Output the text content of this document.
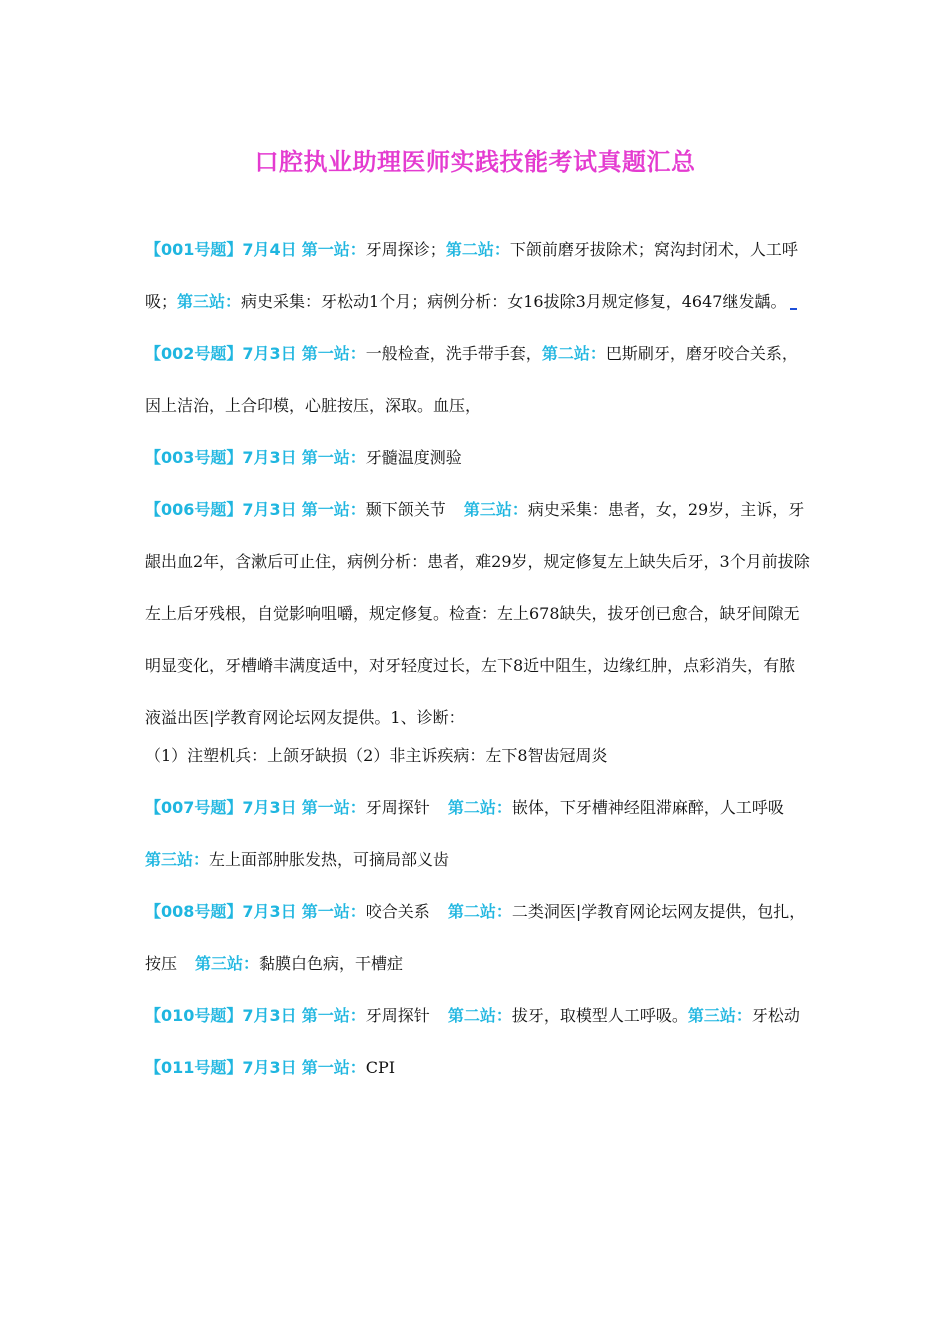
口腔执业助理医师实践技能考试真题汇总
【001号题】7月4日 第一站：牙周探诊；第二站：下颌前磨牙拔除术；窝沟封闭术，人工呼吸；第三站：病史采集：牙松动1个月；病例分析：女16拔除3月规定修复，4647继发龋。
【002号题】7月3日 第一站：一般检查，洗手带手套，第二站：巴斯刷牙，磨牙咬合关系，因上洁治，上合印模，心脏按压，深取。血压，
【003号题】7月3日 第一站：牙髓温度测验
【006号题】7月3日 第一站：颞下颌关节 第三站：病史采集：患者，女，29岁，主诉，牙龈出血2年，含漱后可止住，病例分析：患者，难29岁，规定修复左上缺失后牙，3个月前拔除左上后牙残根，自觉影响咀嚼，规定修复。检查：左上678缺失，拔牙创已愈合，缺牙间隙无明显变化，牙槽嵴丰满度适中，对牙轻度过长，左下8近中阻生，边缘红肿，点彩消失，有脓液溢出医|学教育网论坛网友提供。1、诊断：
（1）注塑机兵：上颌牙缺损（2）非主诉疾病：左下8智齿冠周炎
【007号题】7月3日 第一站：牙周探针 第二站：嵌体，下牙槽神经阻滞麻醉，人工呼吸第三站：左上面部肿胀发热，可摘局部义齿
【008号题】7月3日 第一站：咬合关系 第二站：二类洞医|学教育网论坛网友提供，包扎，按压 第三站：黏膜白色病，干槽症
【010号题】7月3日 第一站：牙周探针 第二站：拔牙，取模型人工呼吸。第三站：牙松动
【011号题】7月3日 第一站：CPI
